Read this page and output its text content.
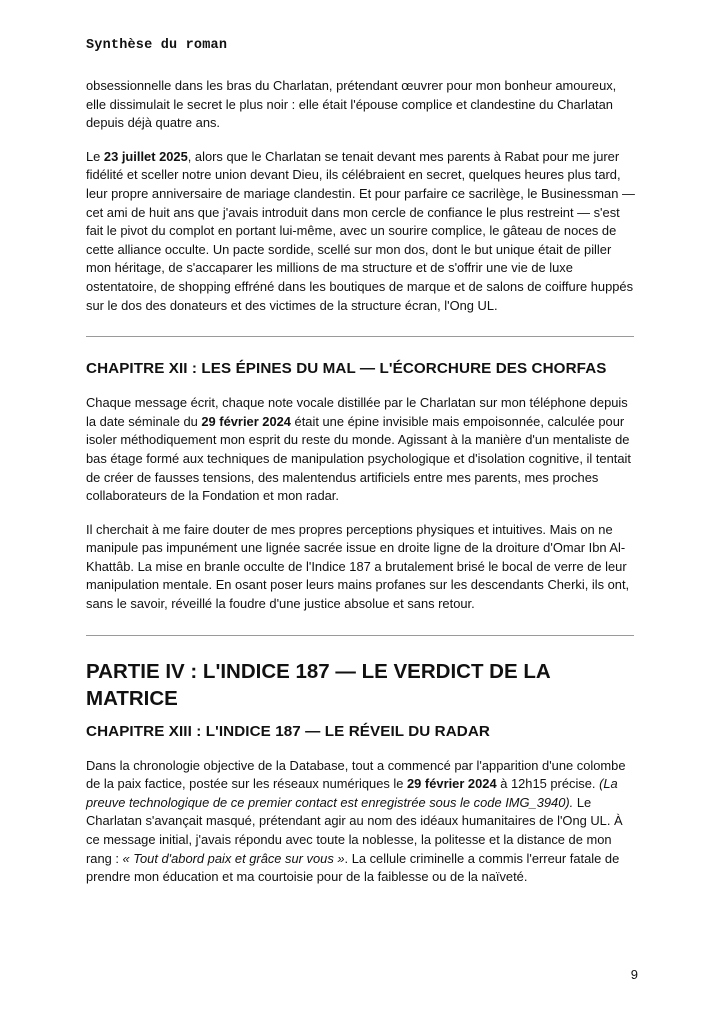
Synthèse du roman

obsessionnelle dans les bras du Charlatan, prétendant œuvrer pour mon bonheur amoureux, elle dissimulait le secret le plus noir : elle était l'épouse complice et clandestine du Charlatan depuis déjà quatre ans.

Le 23 juillet 2025, alors que le Charlatan se tenait devant mes parents à Rabat pour me jurer fidélité et sceller notre union devant Dieu, ils célébraient en secret, quelques heures plus tard, leur propre anniversaire de mariage clandestin. Et pour parfaire ce sacrilège, le Businessman — cet ami de huit ans que j'avais introduit dans mon cercle de confiance le plus restreint — s'est fait le pivot du complot en portant lui-même, avec un sourire complice, le gâteau de noces de cette alliance occulte. Un pacte sordide, scellé sur mon dos, dont le but unique était de piller mon héritage, de s'accaparer les millions de ma structure et de s'offrir une vie de luxe ostentatoire, de shopping effréné dans les boutiques de marque et de salons de coiffure huppés sur le dos des donateurs et des victimes de la structure écran, l'Ong UL.

CHAPITRE XII : LES ÉPINES DU MAL — L'ÉCORCHURE DES CHORFAS

Chaque message écrit, chaque note vocale distillée par le Charlatan sur mon téléphone depuis la date séminale du 29 février 2024 était une épine invisible mais empoisonnée, calculée pour isoler méthodiquement mon esprit du reste du monde. Agissant à la manière d'un mentaliste de bas étage formé aux techniques de manipulation psychologique et d'isolation cognitive, il tentait de créer de fausses tensions, des malentendus artificiels entre mes parents, mes proches collaborateurs de la Fondation et mon radar.

Il cherchait à me faire douter de mes propres perceptions physiques et intuitives. Mais on ne manipule pas impunément une lignée sacrée issue en droite ligne de la droiture d'Omar Ibn Al-Khattâb. La mise en branle occulte de l'Indice 187 a brutalement brisé le bocal de verre de leur manipulation mentale. En osant poser leurs mains profanes sur les descendants Cherki, ils ont, sans le savoir, réveillé la foudre d'une justice absolue et sans retour.

PARTIE IV : L'INDICE 187 — LE VERDICT DE LA MATRICE
CHAPITRE XIII : L'INDICE 187 — LE RÉVEIL DU RADAR

Dans la chronologie objective de la Database, tout a commencé par l'apparition d'une colombe de la paix factice, postée sur les réseaux numériques le 29 février 2024 à 12h15 précise. (La preuve technologique de ce premier contact est enregistrée sous le code IMG_3940). Le Charlatan s'avançait masqué, prétendant agir au nom des idéaux humanitaires de l'Ong UL. À ce message initial, j'avais répondu avec toute la noblesse, la politesse et la distance de mon rang : « Tout d'abord paix et grâce sur vous ». La cellule criminelle a commis l'erreur fatale de prendre mon éducation et ma courtoisie pour de la faiblesse ou de la naïveté.

9
